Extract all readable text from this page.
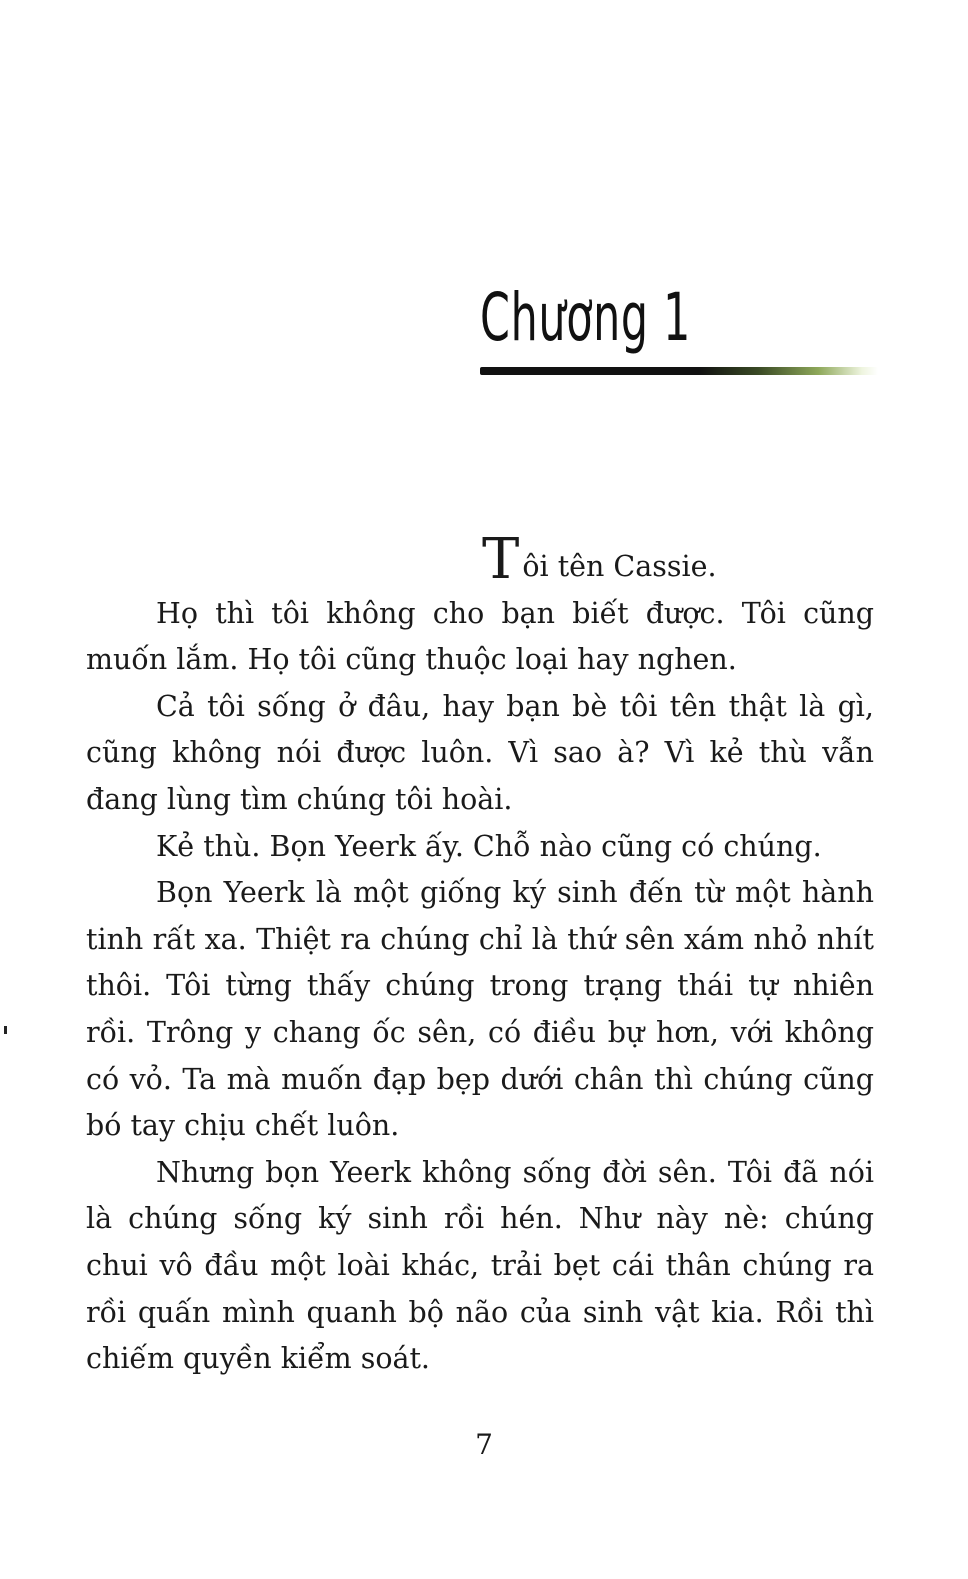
Chương 1

Tôi tên Cassie.

Họ thì tôi không cho bạn biết được. Tôi cũng muốn lắm. Họ tôi cũng thuộc loại hay nghen.

Cả tôi sống ở đâu, hay bạn bè tôi tên thật là gì, cũng không nói được luôn. Vì sao à? Vì kẻ thù vẫn đang lùng tìm chúng tôi hoài.

Kẻ thù. Bọn Yeerk ấy. Chỗ nào cũng có chúng.

Bọn Yeerk là một giống ký sinh đến từ một hành tinh rất xa. Thiệt ra chúng chỉ là thứ sên xám nhỏ nhít thôi. Tôi từng thấy chúng trong trạng thái tự nhiên rồi. Trông y chang ốc sên, có điều bự hơn, với không có vỏ. Ta mà muốn đạp bẹp dưới chân thì chúng cũng bó tay chịu chết luôn.

Nhưng bọn Yeerk không sống đời sên. Tôi đã nói là chúng sống ký sinh rồi hén. Như này nè: chúng chui vô đầu một loài khác, trải bẹt cái thân chúng ra rồi quấn mình quanh bộ não của sinh vật kia. Rồi thì chiếm quyền kiểm soát.

7
